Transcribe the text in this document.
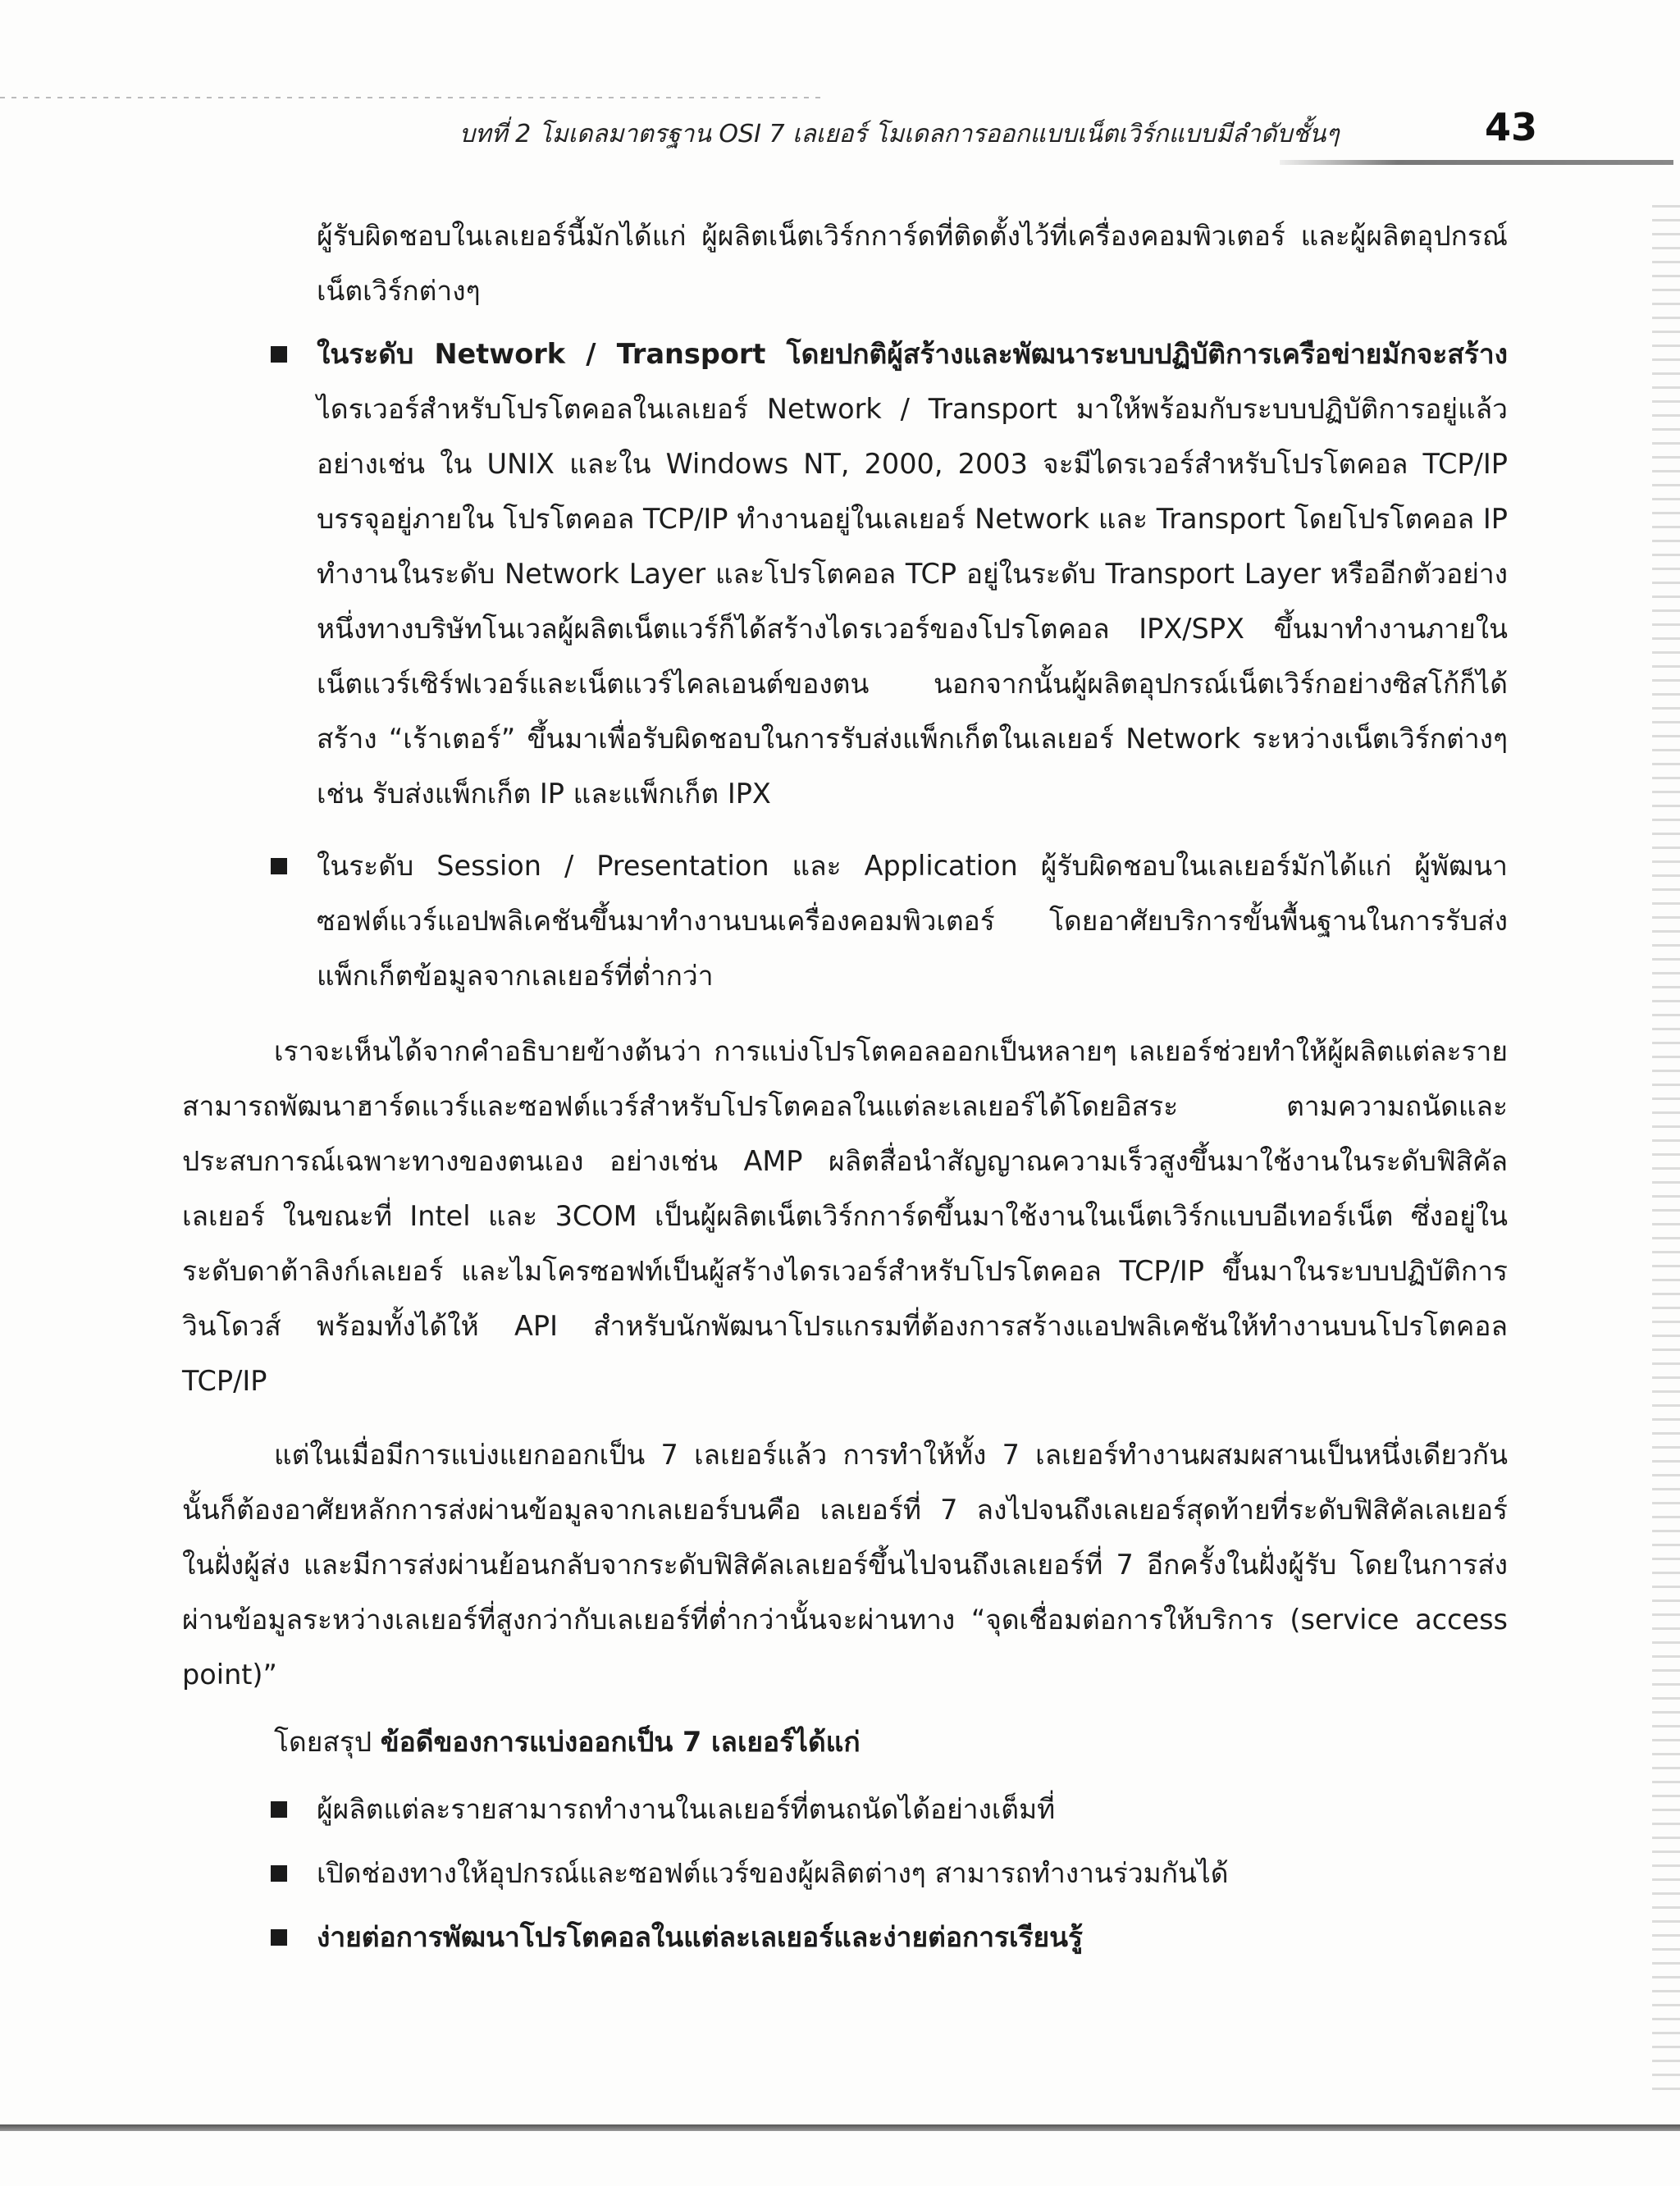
บทที่ 2 โมเดลมาตรฐาน OSI 7 เลเยอร์ โมเดลการออกแบบเน็ตเวิร์กแบบมีลำดับชั้นๆ	43
ผู้รับผิดชอบในเลเยอร์นี้มักได้แก่ ผู้ผลิตเน็ตเวิร์กการ์ดที่ติดตั้งไว้ที่เครื่องคอมพิวเตอร์ และผู้ผลิตอุปกรณ์เน็ตเวิร์กต่างๆ
ในระดับ Network / Transport โดยปกติผู้สร้างและพัฒนาระบบปฏิบัติการเครือข่ายมักจะสร้าง ไดรเวอร์สำหรับโปรโตคอลในเลเยอร์ Network / Transport มาให้พร้อมกับระบบปฏิบัติการอยู่แล้ว อย่างเช่น ใน UNIX และใน Windows NT, 2000, 2003 จะมีไดรเวอร์สำหรับโปรโตคอล TCP/IP บรรจุอยู่ภายใน โปรโตคอล TCP/IP ทำงานอยู่ในเลเยอร์ Network และ Transport โดยโปรโตคอล IP ทำงานในระดับ Network Layer และโปรโตคอล TCP อยู่ในระดับ Transport Layer หรืออีกตัวอย่างหนึ่งทางบริษัทโนเวลผู้ผลิตเน็ตแวร์ก็ได้สร้างไดรเวอร์ของโปรโตคอล IPX/SPX ขึ้นมาทำงานภายในเน็ตแวร์เซิร์ฟเวอร์และเน็ตแวร์ไคลเอนต์ของตน นอกจากนั้นผู้ผลิตอุปกรณ์เน็ตเวิร์กอย่างซิสโก้ก็ได้สร้าง “เร้าเตอร์” ขึ้นมาเพื่อรับผิดชอบในการรับส่งแพ็กเก็ตในเลเยอร์ Network ระหว่างเน็ตเวิร์กต่างๆ เช่น รับส่งแพ็กเก็ต IP และแพ็กเก็ต IPX
ในระดับ Session / Presentation และ Application ผู้รับผิดชอบในเลเยอร์มักได้แก่ ผู้พัฒนาซอฟต์แวร์แอปพลิเคชันขึ้นมาทำงานบนเครื่องคอมพิวเตอร์ โดยอาศัยบริการขั้นพื้นฐานในการรับส่งแพ็กเก็ตข้อมูลจากเลเยอร์ที่ต่ำกว่า
เราจะเห็นได้จากคำอธิบายข้างต้นว่า การแบ่งโปรโตคอลออกเป็นหลายๆ เลเยอร์ช่วยทำให้ผู้ผลิตแต่ละรายสามารถพัฒนาฮาร์ดแวร์และซอฟต์แวร์สำหรับโปรโตคอลในแต่ละเลเยอร์ได้โดยอิสระ ตามความถนัดและประสบการณ์เฉพาะทางของตนเอง อย่างเช่น AMP ผลิตสื่อนำสัญญาณความเร็วสูงขึ้นมาใช้งานในระดับฟิสิคัลเลเยอร์ ในขณะที่ Intel และ 3COM เป็นผู้ผลิตเน็ตเวิร์กการ์ดขึ้นมาใช้งานในเน็ตเวิร์กแบบอีเทอร์เน็ต ซึ่งอยู่ในระดับดาต้าลิงก์เลเยอร์ และไมโครซอฟท์เป็นผู้สร้างไดรเวอร์สำหรับโปรโตคอล TCP/IP ขึ้นมาในระบบปฏิบัติการวินโดวส์ พร้อมทั้งได้ให้ API สำหรับนักพัฒนาโปรแกรมที่ต้องการสร้างแอปพลิเคชันให้ทำงานบนโปรโตคอล TCP/IP
แต่ในเมื่อมีการแบ่งแยกออกเป็น 7 เลเยอร์แล้ว การทำให้ทั้ง 7 เลเยอร์ทำงานผสมผสานเป็นหนึ่งเดียวกันนั้นก็ต้องอาศัยหลักการส่งผ่านข้อมูลจากเลเยอร์บนคือ เลเยอร์ที่ 7 ลงไปจนถึงเลเยอร์สุดท้ายที่ระดับฟิสิคัลเลเยอร์ในฝั่งผู้ส่ง และมีการส่งผ่านย้อนกลับจากระดับฟิสิคัลเลเยอร์ขึ้นไปจนถึงเลเยอร์ที่ 7 อีกครั้งในฝั่งผู้รับ โดยในการส่งผ่านข้อมูลระหว่างเลเยอร์ที่สูงกว่ากับเลเยอร์ที่ต่ำกว่านั้นจะผ่านทาง “จุดเชื่อมต่อการให้บริการ (service access point)”
โดยสรุป ข้อดีของการแบ่งออกเป็น 7 เลเยอร์ได้แก่
ผู้ผลิตแต่ละรายสามารถทำงานในเลเยอร์ที่ตนถนัดได้อย่างเต็มที่
เปิดช่องทางให้อุปกรณ์และซอฟต์แวร์ของผู้ผลิตต่างๆ สามารถทำงานร่วมกันได้
ง่ายต่อการพัฒนาโปรโตคอลในแต่ละเลเยอร์และง่ายต่อการเรียนรู้
